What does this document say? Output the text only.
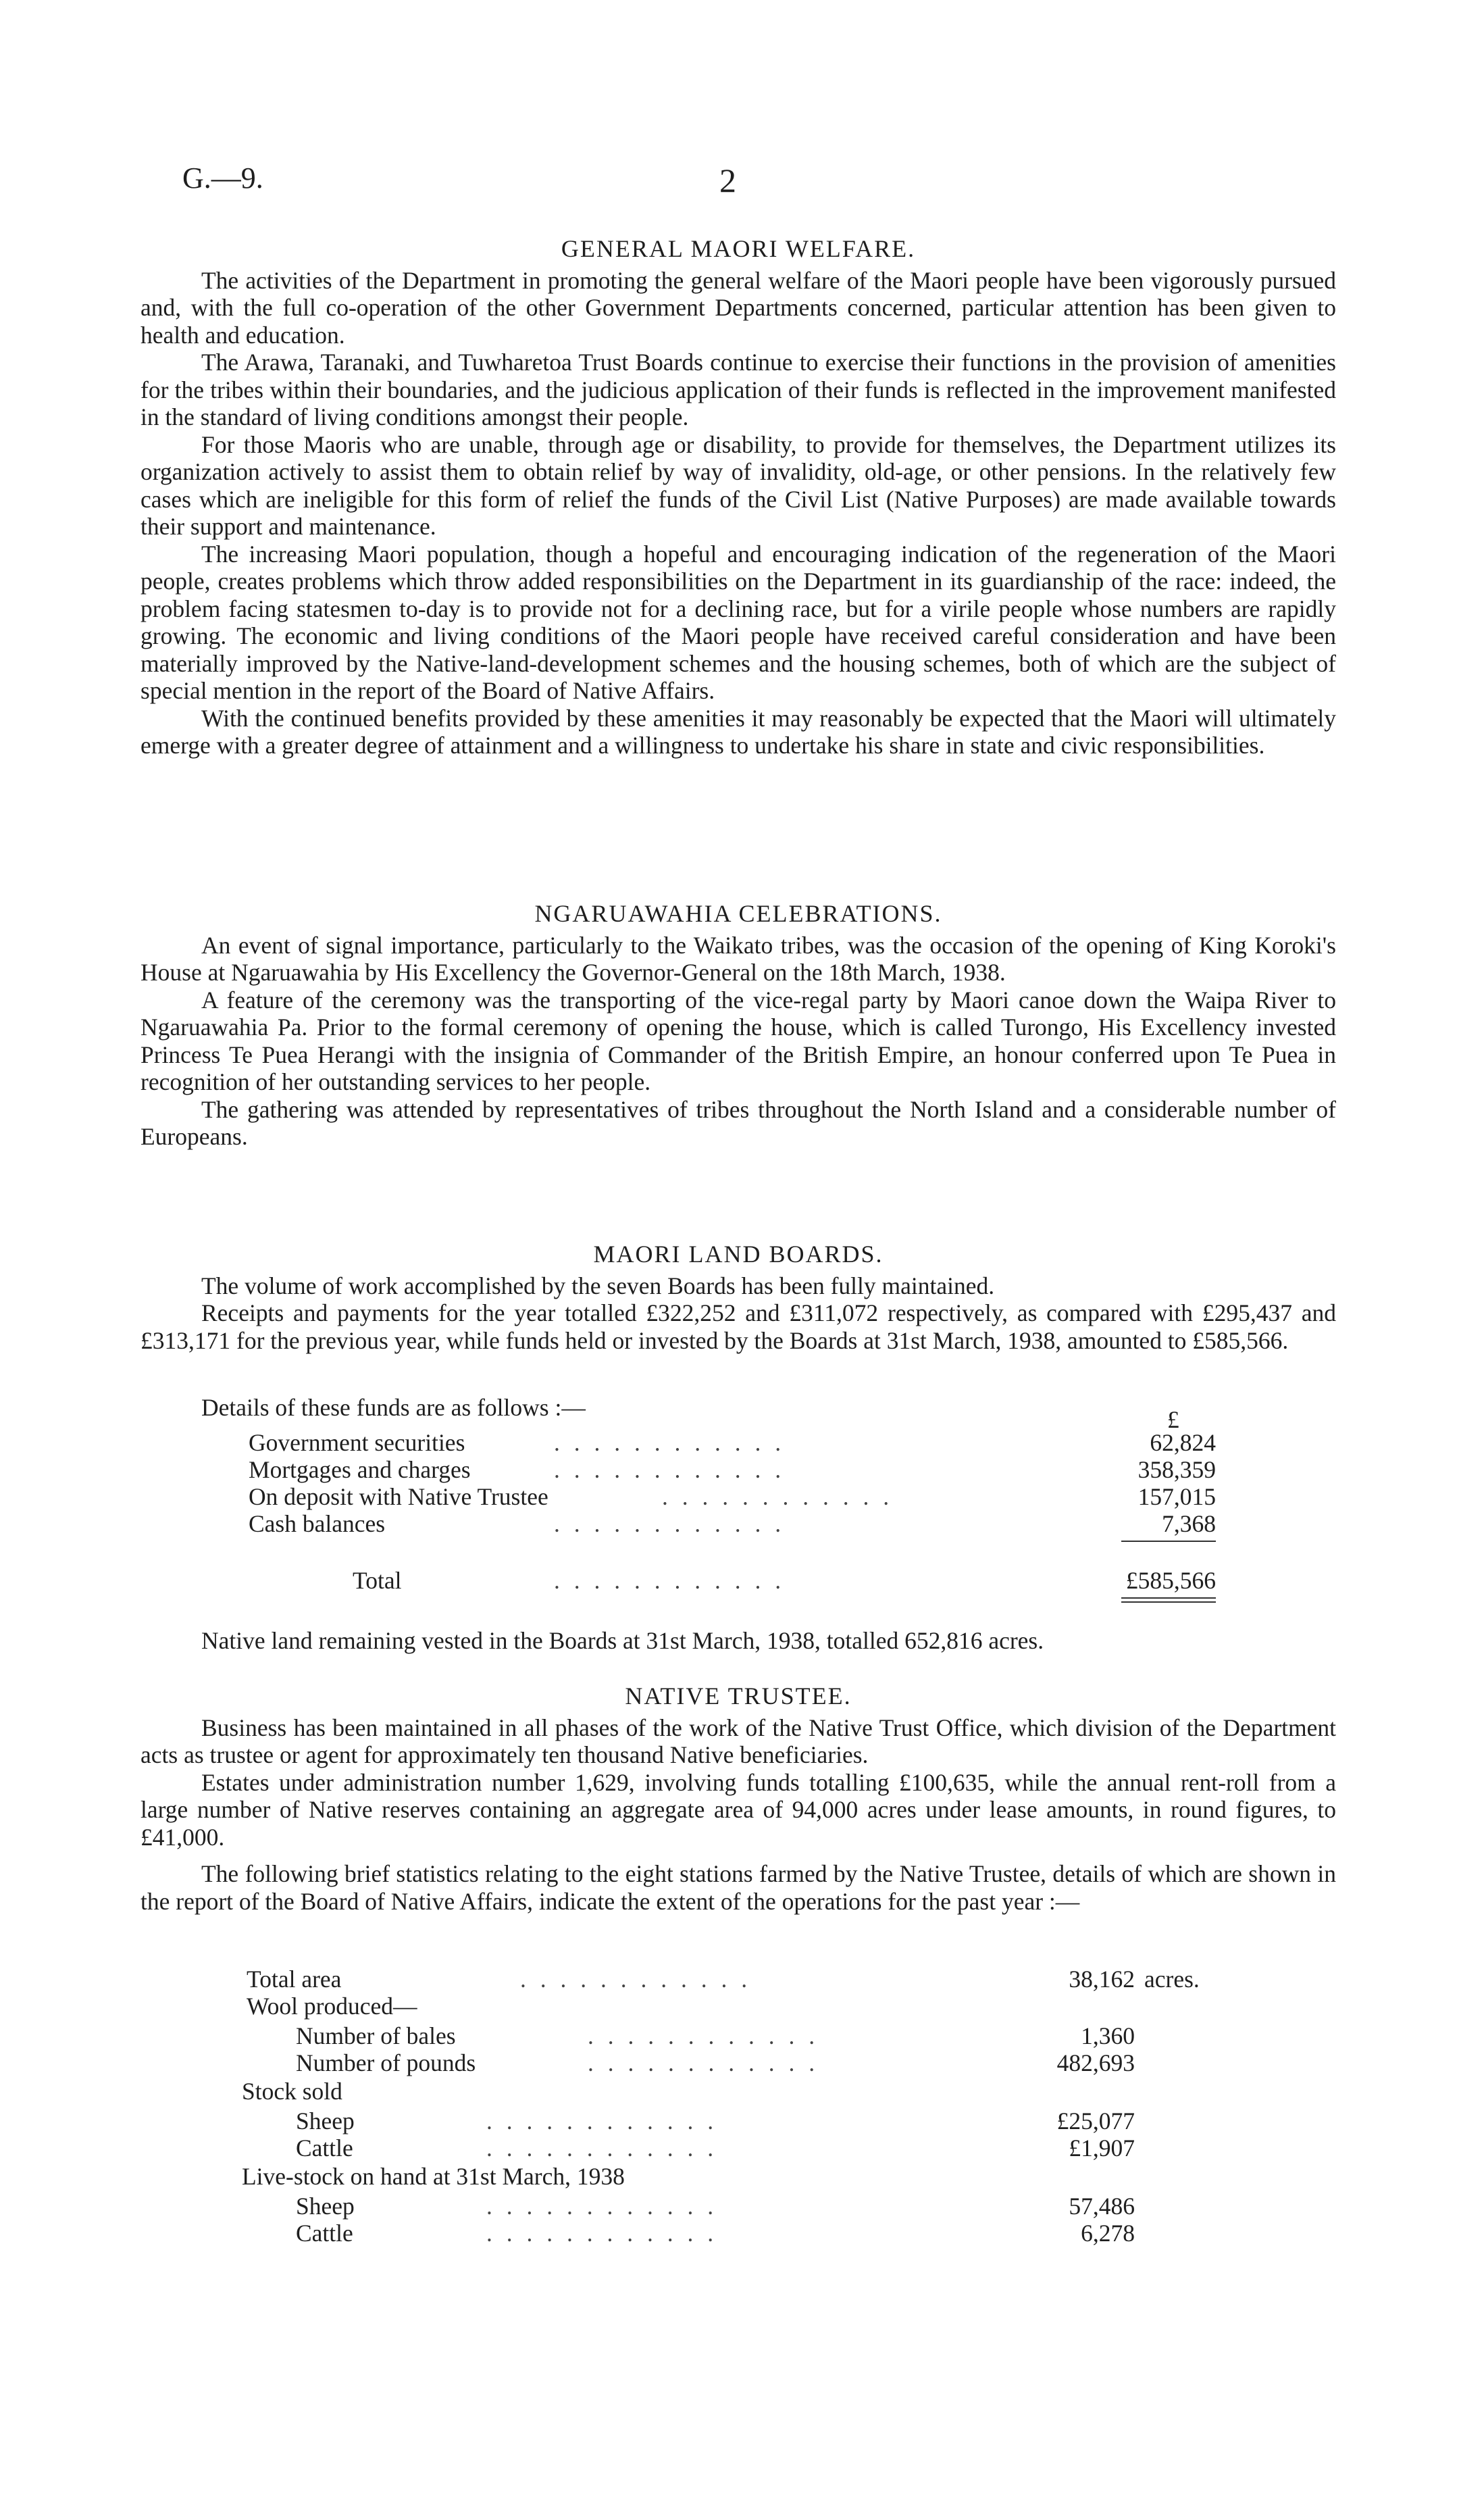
G.—9.	2
GENERAL MAORI WELFARE.

The activities of the Department in promoting the general welfare of the Maori people have been vigorously pursued and, with the full co-operation of the other Government Departments concerned, particular attention has been given to health and education.

The Arawa, Taranaki, and Tuwharetoa Trust Boards continue to exercise their functions in the provision of amenities for the tribes within their boundaries, and the judicious application of their funds is reflected in the improvement manifested in the standard of living conditions amongst their people.

For those Maoris who are unable, through age or disability, to provide for themselves, the Department utilizes its organization actively to assist them to obtain relief by way of invalidity, old-age, or other pensions. In the relatively few cases which are ineligible for this form of relief the funds of the Civil List (Native Purposes) are made available towards their support and maintenance.

The increasing Maori population, though a hopeful and encouraging indication of the regeneration of the Maori people, creates problems which throw added responsibilities on the Department in its guardianship of the race: indeed, the problem facing statesmen to-day is to provide not for a declining race, but for a virile people whose numbers are rapidly growing. The economic and living conditions of the Maori people have received careful consideration and have been materially improved by the Native-land-development schemes and the housing schemes, both of which are the subject of special mention in the report of the Board of Native Affairs.

With the continued benefits provided by these amenities it may reasonably be expected that the Maori will ultimately emerge with a greater degree of attainment and a willingness to undertake his share in state and civic responsibilities.

NGARUAWAHIA CELEBRATIONS.

An event of signal importance, particularly to the Waikato tribes, was the occasion of the opening of King Koroki's House at Ngaruawahia by His Excellency the Governor-General on the 18th March, 1938.

A feature of the ceremony was the transporting of the vice-regal party by Maori canoe down the Waipa River to Ngaruawahia Pa. Prior to the formal ceremony of opening the house, which is called Turongo, His Excellency invested Princess Te Puea Herangi with the insignia of Commander of the British Empire, an honour conferred upon Te Puea in recognition of her outstanding services to her people.

The gathering was attended by representatives of tribes throughout the North Island and a considerable number of Europeans.

MAORI LAND BOARDS.

The volume of work accomplished by the seven Boards has been fully maintained.

Receipts and payments for the year totalled £322,252 and £311,072 respectively, as compared with £295,437 and £313,171 for the previous year, while funds held or invested by the Boards at 31st March, 1938, amounted to £585,566.

Details of these funds are as follows :—	£
Government securities	. . . . . . . . . . . .	62,824
Mortgages and charges	. . . . . . . . . . . .	358,359
On deposit with Native Trustee	. . . . . . . . . . . .	157,015
Cash balances	. . . . . . . . . . . .	7,368
Total	. . . . . . . . . . . .	£585,566

Native land remaining vested in the Boards at 31st March, 1938, totalled 652,816 acres.

NATIVE TRUSTEE.

Business has been maintained in all phases of the work of the Native Trust Office, which division of the Department acts as trustee or agent for approximately ten thousand Native beneficiaries.

Estates under administration number 1,629, involving funds totalling £100,635, while the annual rent-roll from a large number of Native reserves containing an aggregate area of 94,000 acres under lease amounts, in round figures, to £41,000.

The following brief statistics relating to the eight stations farmed by the Native Trustee, details of which are shown in the report of the Board of Native Affairs, indicate the extent of the operations for the past year :—

Total area	. . . . . . . . . . . .	38,162 acres.
Wool produced—
Number of bales	. . . . . . . . . . . .	1,360
Number of pounds	. . . . . . . . . . . .	482,693
Stock sold
Sheep	. . . . . . . . . . . .	£25,077
Cattle	. . . . . . . . . . . .	£1,907
Live-stock on hand at 31st March, 1938
Sheep	. . . . . . . . . . . .	57,486
Cattle	. . . . . . . . . . . .	6,278
